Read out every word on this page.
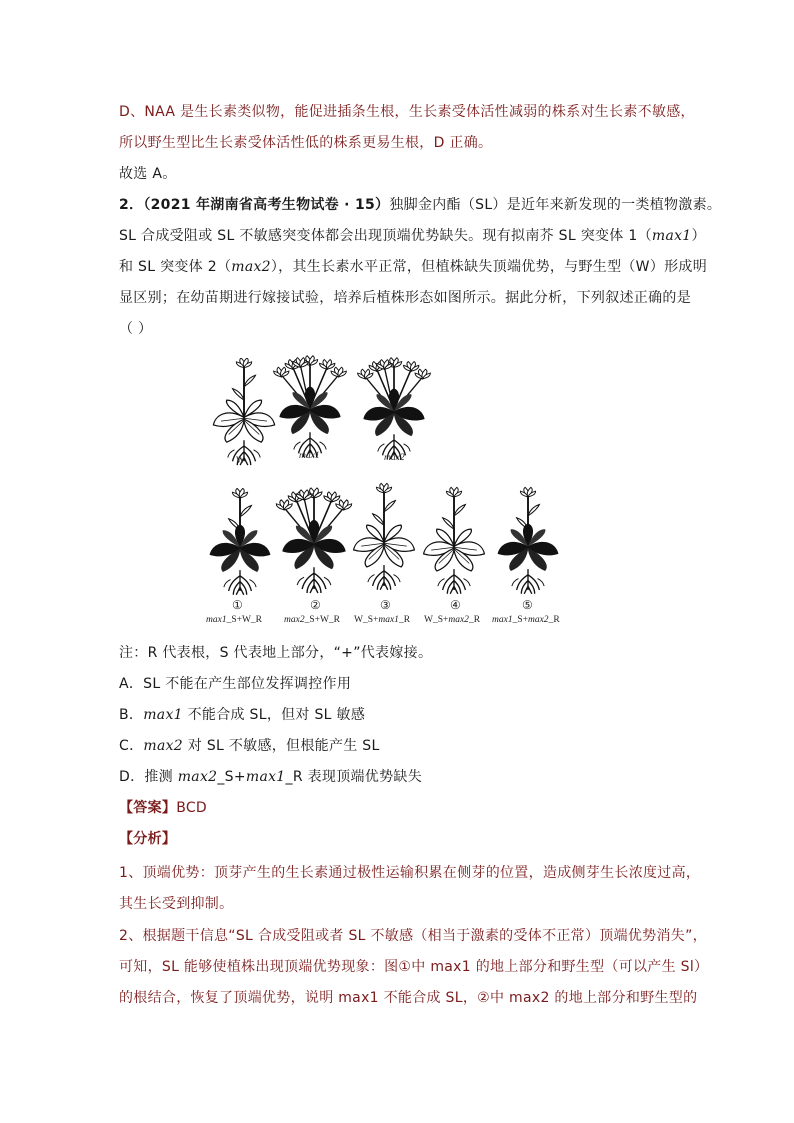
D、NAA 是生长素类似物，能促进插条生根，生长素受体活性减弱的株系对生长素不敏感，
所以野生型比生长素受体活性低的株系更易生根，D 正确。
故选 A。
2．（2021 年湖南省高考生物试卷 · 15）独脚金内酯（SL）是近年来新发现的一类植物激素。
SL 合成受阻或 SL 不敏感突变体都会出现顶端优势缺失。现有拟南芥 SL 突变体 1（max1）
和 SL 突变体 2（max2），其生长素水平正常，但植株缺失顶端优势，与野生型（W）形成明
显区别；在幼苗期进行嫁接试验，培养后植株形态如图所示。据此分析，下列叙述正确的是
（ ）
W	max1	max2
①
max1_S+W_R
②
max2_S+W_R
③
W_S+max1_R
④
W_S+max2_R
⑤
max1_S+max2_R
注：R 代表根，S 代表地上部分，“+”代表嫁接。
A．SL 不能在产生部位发挥调控作用
B．max1 不能合成 SL，但对 SL 敏感
C．max2 对 SL 不敏感，但根能产生 SL
D．推测 max2_S+max1_R 表现顶端优势缺失
【答案】BCD
【分析】
1、顶端优势：顶芽产生的生长素通过极性运输积累在侧芽的位置，造成侧芽生长浓度过高，
其生长受到抑制。
2、根据题干信息“SL 合成受阻或者 SL 不敏感（相当于激素的受体不正常）顶端优势消失”，
可知，SL 能够使植株出现顶端优势现象：图①中 max1 的地上部分和野生型（可以产生 Sl）
的根结合，恢复了顶端优势，说明 max1 不能合成 SL，②中 max2 的地上部分和野生型的
